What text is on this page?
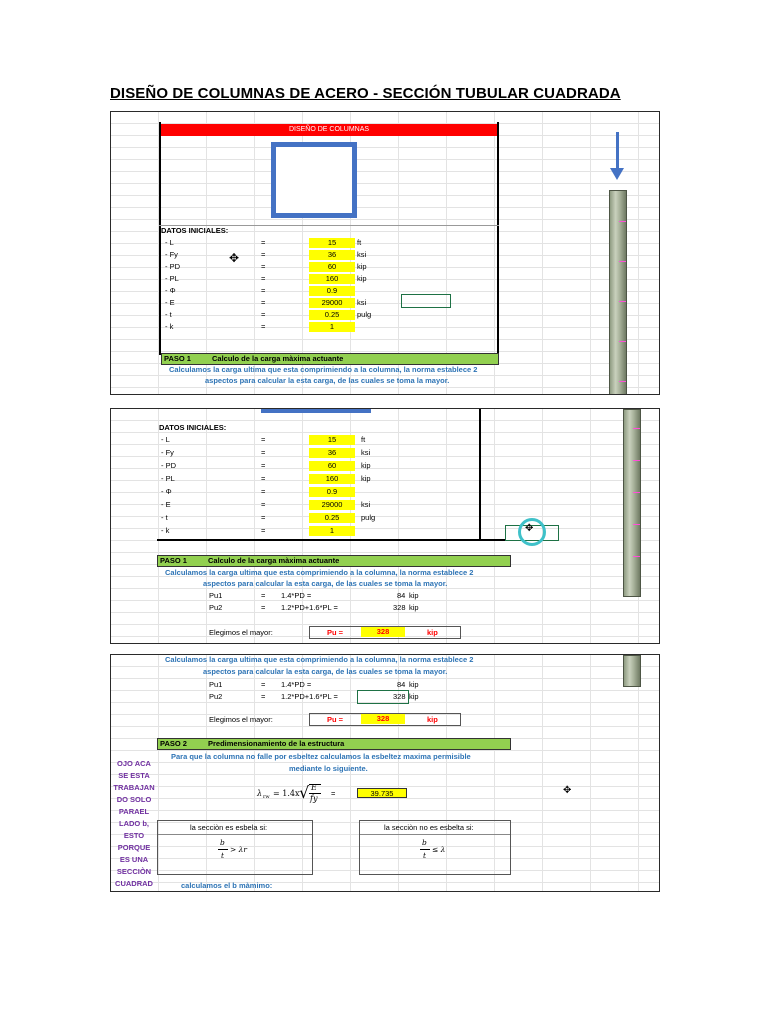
DISEÑO DE COLUMNAS DE ACERO - SECCIÓN TUBULAR CUADRADA
DISEÑO DE COLUMNAS
DATOS INICIALES:
- L	=	15	ft
- Fy	=	36	ksi
- PD	=	60	kip
- PL	=	160	kip
- Φ	=	0.9
- E	=	29000	ksi
- t	=	0.25	pulg
- k	=	1
✥
PASO 1	Calculo de la carga màxima actuante
Calculamos la carga ultima que esta comprimiendo a la columna, la norma establece 2
aspectos para calcular la esta carga, de las cuales se toma la mayor.
DATOS INICIALES:
- L	=	15	ft
- Fy	=	36	ksi
- PD	=	60	kip
- PL	=	160	kip
- Φ	=	0.9
- E	=	29000	ksi
- t	=	0.25	pulg
- k	=	1	✥
PASO 1	Calculo de la carga màxima actuante
Calculamos la carga ultima que esta comprimiendo a la columna, la norma establece 2
aspectos para calcular la esta carga, de las cuales se toma la mayor.
Pu1	= 1.4*PD =	84 kip
Pu2	= 1.2*PD+1.6*PL =	328 kip
Elegimos el mayor:	Pu =	328	kip
Calculamos la carga ultima que esta comprimiendo a la columna, la norma establece 2
aspectos para calcular la esta carga, de las cuales se toma la mayor.
Pu1	= 1.4*PD =	84 kip
Pu2	= 1.2*PD+1.6*PL =	328 kip
Elegimos el mayor:	Pu =	328	kip
PASO 2	Predimensionamiento de la estructura
Para que la columna no falle por esbeltez calculamos la esbeltez maxima permisible
mediante lo siguiente.
λ rw = 1.4x √ E
fy
=	39.735	✥
la secciòn es esbela si:
b
t
> λr
la secciòn no es esbelta si:
b
t
≤ λ
calculamos el b màmimo:
OJO ACA
SE ESTA
TRABAJAN
DO SOLO
PARAEL
LADO b,
ESTO
PORQUE
ES UNA
SECCIÒN
CUADRAD
